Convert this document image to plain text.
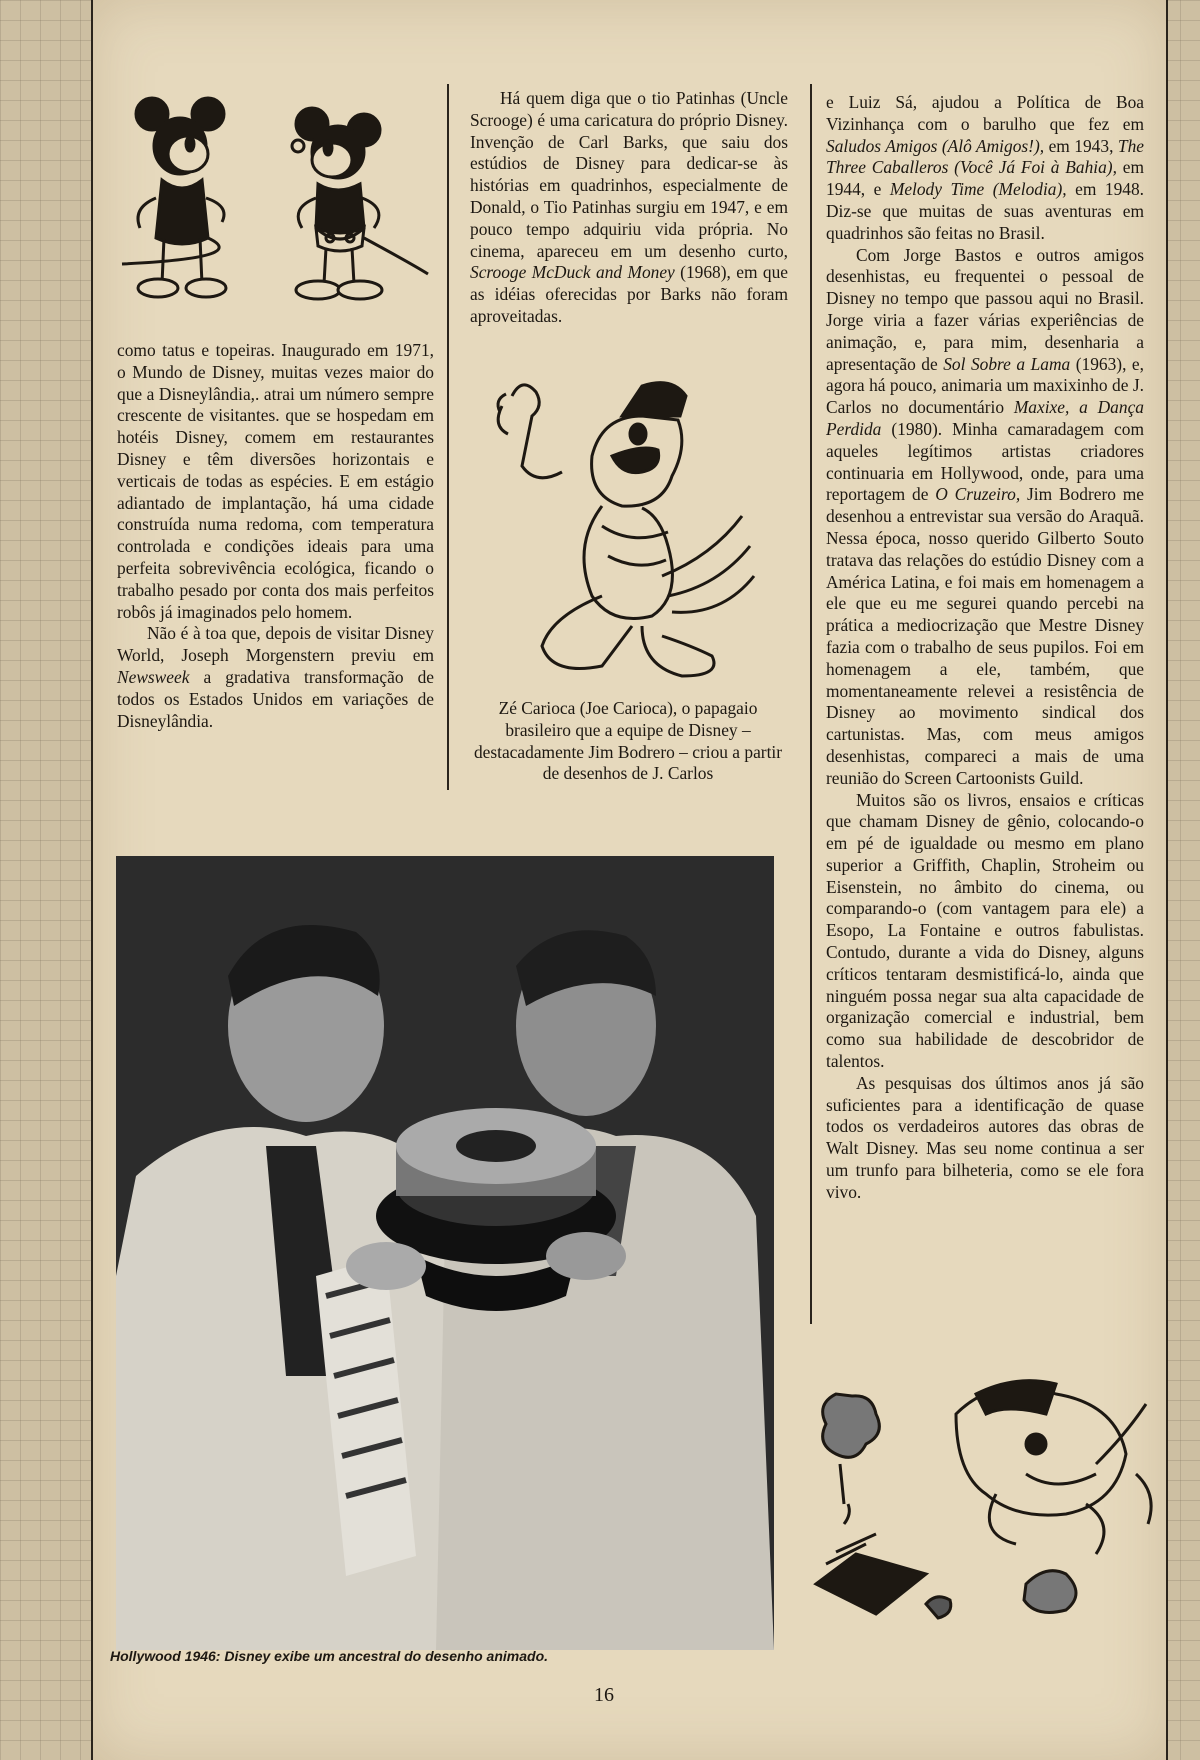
como tatus e topeiras. Inaugurado em 1971, o Mundo de Disney, muitas vezes maior do que a Disneylândia,. atrai um número sempre crescente de visitantes. que se hospedam em hotéis Disney, comem em restaurantes Disney e têm diversões horizontais e verticais de todas as espécies. E em estágio adiantado de implantação, há uma cidade construída numa redoma, com temperatura controlada e condições ideais para uma perfeita sobrevivência ecológica, ficando o trabalho pesado por conta dos mais perfeitos robôs já imaginados pelo homem.

Não é à toa que, depois de visitar Disney World, Joseph Morgenstern previu em Newsweek a gradativa transformação de todos os Estados Unidos em variações de Disneylândia.

Há quem diga que o tio Patinhas (Uncle Scrooge) é uma caricatura do próprio Disney. Invenção de Carl Barks, que saiu dos estúdios de Disney para dedicar-se às histórias em quadrinhos, especialmente de Donald, o Tio Patinhas surgiu em 1947, e em pouco tempo adquiriu vida própria. No cinema, apareceu em um desenho curto, Scrooge McDuck and Money (1968), em que as idéias oferecidas por Barks não foram aproveitadas.

Zé Carioca (Joe Carioca), o papagaio brasileiro que a equipe de Disney – destacadamente Jim Bodrero – criou a partir de desenhos de J. Carlos

e Luiz Sá, ajudou a Política de Boa Vizinhança com o barulho que fez em Saludos Amigos (Alô Amigos!), em 1943, The Three Caballeros (Você Já Foi à Bahia), em 1944, e Melody Time (Melodia), em 1948. Diz-se que muitas de suas aventuras em quadrinhos são feitas no Brasil.

Com Jorge Bastos e outros amigos desenhistas, eu frequentei o pessoal de Disney no tempo que passou aqui no Brasil. Jorge viria a fazer várias experiências de animação, e, para mim, desenharia a apresentação de Sol Sobre a Lama (1963), e, agora há pouco, animaria um maxixinho de J. Carlos no documentário Maxixe, a Dança Perdida (1980). Minha camaradagem com aqueles legítimos artistas criadores continuaria em Hollywood, onde, para uma reportagem de O Cruzeiro, Jim Bodrero me desenhou a entrevistar sua versão do Araquã. Nessa época, nosso querido Gilberto Souto tratava das relações do estúdio Disney com a América Latina, e foi mais em homenagem a ele que eu me segurei quando percebi na prática a mediocrização que Mestre Disney fazia com o trabalho de seus pupilos. Foi em homenagem a ele, também, que momentaneamente relevei a resistência de Disney ao movimento sindical dos cartunistas. Mas, com meus amigos desenhistas, compareci a mais de uma reunião do Screen Cartoonists Guild.

Muitos são os livros, ensaios e críticas que chamam Disney de gênio, colocando-o em pé de igualdade ou mesmo em plano superior a Griffith, Chaplin, Stroheim ou Eisenstein, no âmbito do cinema, ou comparando-o (com vantagem para ele) a Esopo, La Fontaine e outros fabulistas. Contudo, durante a vida do Disney, alguns críticos tentaram desmistificá-lo, ainda que ninguém possa negar sua alta capacidade de organização comercial e industrial, bem como sua habilidade de descobridor de talentos.

As pesquisas dos últimos anos já são suficientes para a identificação de quase todos os verdadeiros autores das obras de Walt Disney. Mas seu nome continua a ser um trunfo para bilheteria, como se ele fora vivo.

Hollywood 1946: Disney exibe um ancestral do desenho animado.
16
